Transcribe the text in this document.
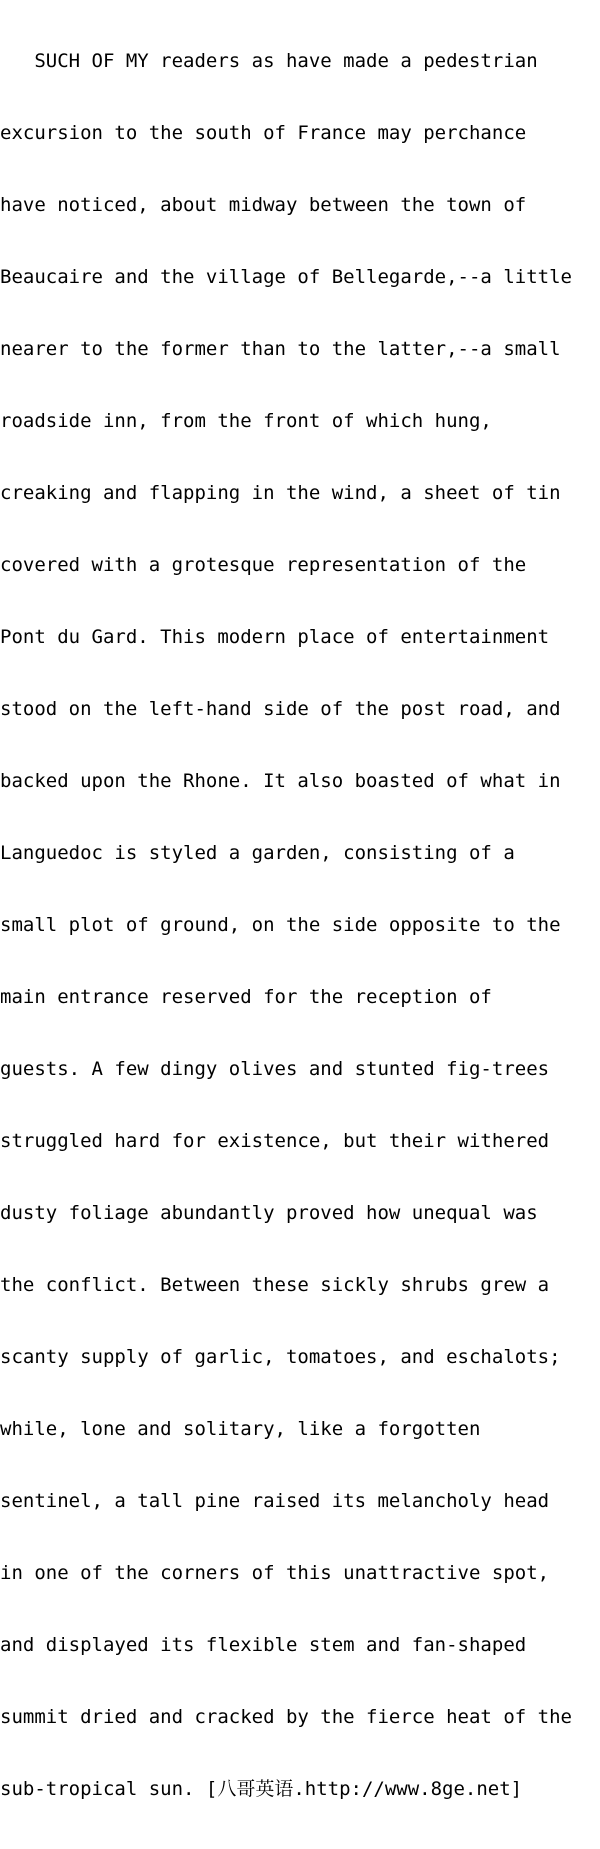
SUCH OF MY readers as have made a pedestrian

excursion to the south of France may perchance

have noticed, about midway between the town of

Beaucaire and the village of Bellegarde,--a little

nearer to the former than to the latter,--a small

roadside inn, from the front of which hung,

creaking and flapping in the wind, a sheet of tin

covered with a grotesque representation of the

Pont du Gard. This modern place of entertainment

stood on the left-hand side of the post road, and

backed upon the Rhone. It also boasted of what in

Languedoc is styled a garden, consisting of a

small plot of ground, on the side opposite to the

main entrance reserved for the reception of

guests. A few dingy olives and stunted fig-trees

struggled hard for existence, but their withered

dusty foliage abundantly proved how unequal was

the conflict. Between these sickly shrubs grew a

scanty supply of garlic, tomatoes, and eschalots;

while, lone and solitary, like a forgotten

sentinel, a tall pine raised its melancholy head

in one of the corners of this unattractive spot,

and displayed its flexible stem and fan-shaped

summit dried and cracked by the fierce heat of the

sub-tropical sun. [八哥英语.http://www.8ge.net]
